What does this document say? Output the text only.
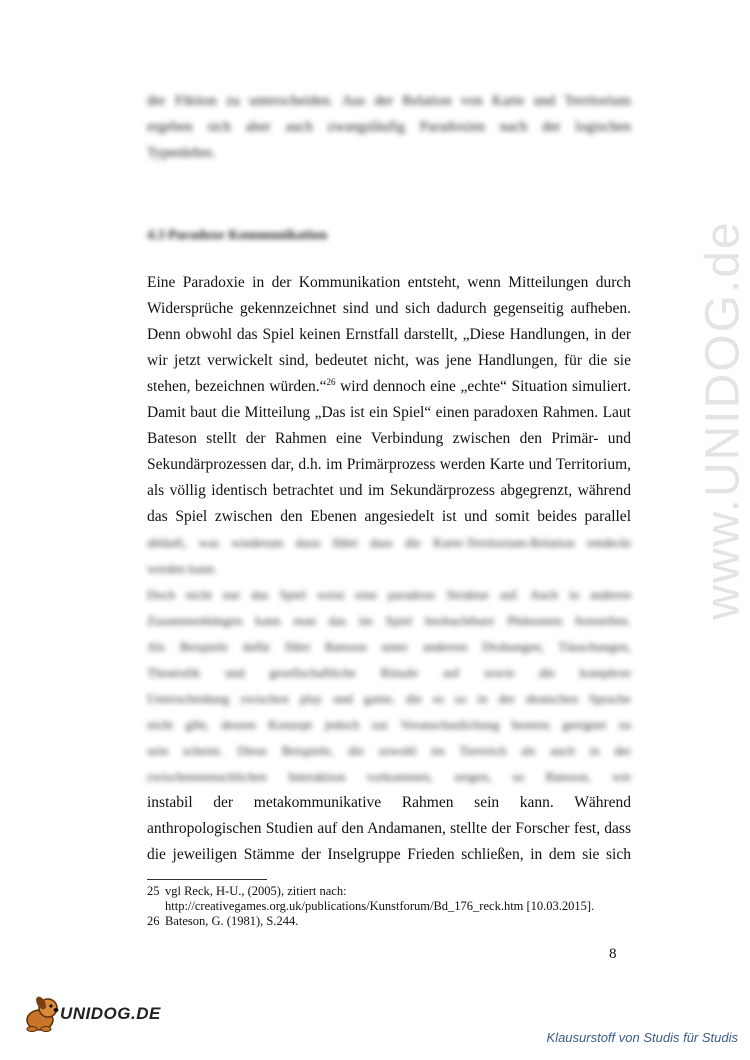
www.UNIDOG.de
der Fiktion zu unterscheiden. Aus der Relation von Karte und Territorium
ergeben sich aber auch zwangsläufig Paradoxien nach der logischen
Typenlehre.
4.3 Paradoxe Kommunikation
Eine Paradoxie in der Kommunikation entsteht, wenn Mitteilungen durch
Widersprüche gekennzeichnet sind und sich dadurch gegenseitig aufheben.
Denn obwohl das Spiel keinen Ernstfall darstellt, „Diese Handlungen, in der
wir jetzt verwickelt sind, bedeutet nicht, was jene Handlungen, für die sie
stehen, bezeichnen würden.“$^{26}$ wird dennoch eine „echte“ Situation simuliert.
Damit baut die Mitteilung „Das ist ein Spiel“ einen paradoxen Rahmen. Laut
Bateson stellt der Rahmen eine Verbindung zwischen den Primär- und
Sekundärprozessen dar, d.h. im Primärprozess werden Karte und Territorium,
als völlig identisch betrachtet und im Sekundärprozess abgegrenzt, während
das Spiel zwischen den Ebenen angesiedelt ist und somit beides parallel
abläuft, was wiederum dazu führt dass die Karte-Territorium-Relation entdeckt
werden kann.
Doch nicht nur das Spiel weist eine paradoxe Struktur auf. Auch in anderen
Zusammenhängen kann man das im Spiel beobachtbare Phänomen feststellen.
Als Beispiele dafür führt Bateson unter anderem Drohungen, Täuschungen,
Theatralik und gesellschaftliche Rituale auf sowie die komplexe
Unterscheidung zwischen play und game, die es so in der deutschen Sprache
nicht gibt, dessen Konzept jedoch zur Veranschaulichung bestens geeignet zu
sein scheint. Diese Beispiele, die sowohl im Tierreich als auch in der
zwischenmenschlichen Interaktion vorkommen, zeigen, so Bateson, wie
instabil der metakommunikative Rahmen sein kann. Während
anthropologischen Studien auf den Andamanen, stellte der Forscher fest, dass
die jeweiligen Stämme der Inselgruppe Frieden schließen, in dem sie sich
25 vgl Reck, H-U., (2005), zitiert nach:
http://creativegames.org.uk/publications/Kunstforum/Bd_176_reck.htm [10.03.2015].
26 Bateson, G. (1981), S.244.
8
UNIDOG.DE
Klausurstoff von Studis für Studis
